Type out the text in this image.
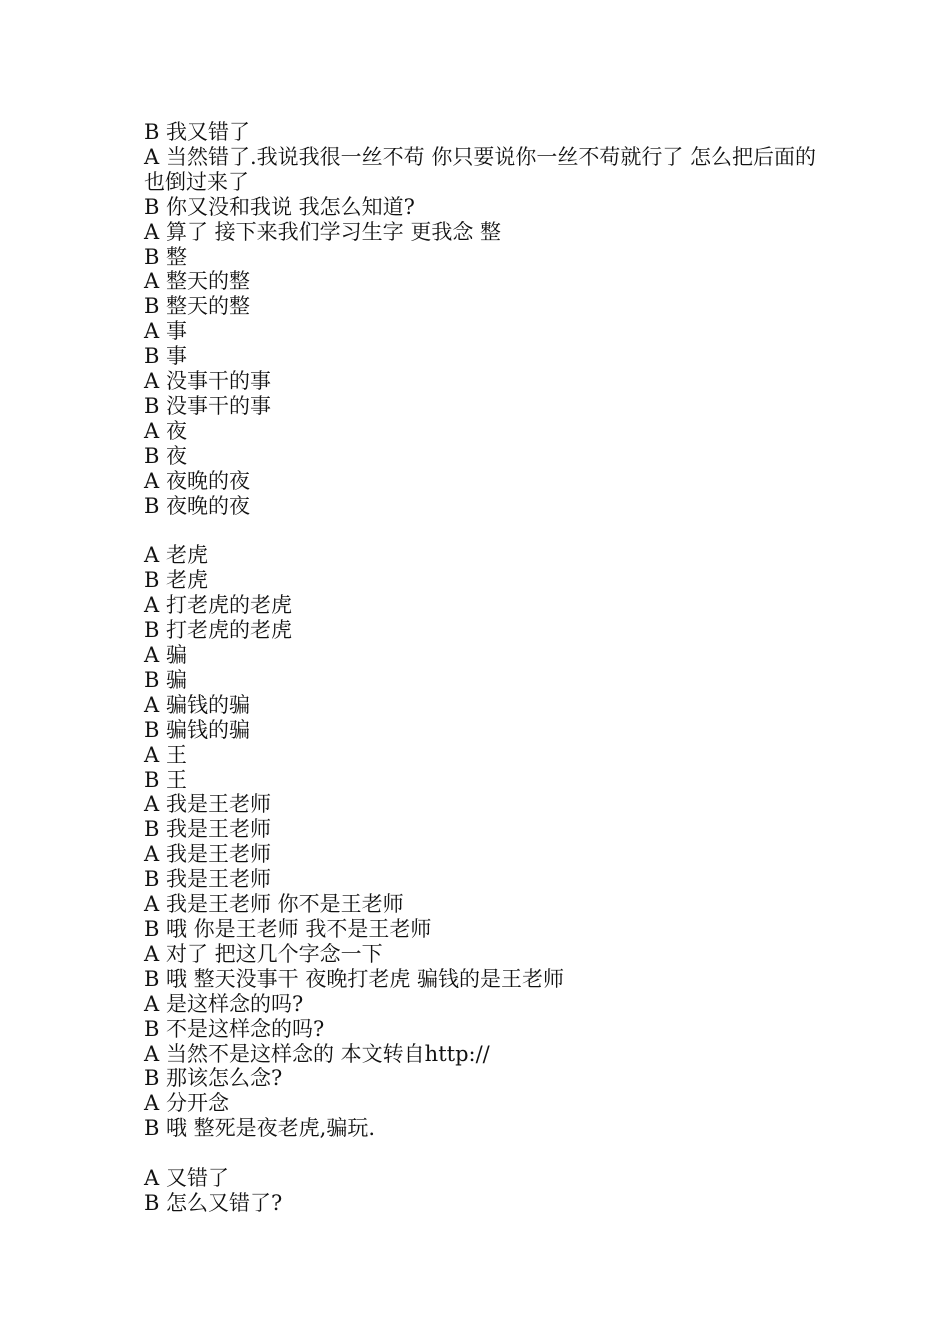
B 我又错了
A 当然错了.我说我很一丝不苟 你只要说你一丝不苟就行了 怎么把后面的也倒过来了
B 你又没和我说 我怎么知道?
A 算了 接下来我们学习生字 更我念 整
B 整
A 整天的整
B 整天的整
A 事
B 事
A 没事干的事
B 没事干的事
A 夜
B 夜
A 夜晚的夜
B 夜晚的夜
A 老虎
B 老虎
A 打老虎的老虎
B 打老虎的老虎
A 骗
B 骗
A 骗钱的骗
B 骗钱的骗
A 王
B 王
A 我是王老师
B 我是王老师
A 我是王老师
B 我是王老师
A 我是王老师 你不是王老师
B 哦 你是王老师 我不是王老师
A 对了 把这几个字念一下
B 哦 整天没事干 夜晚打老虎 骗钱的是王老师
A 是这样念的吗?
B 不是这样念的吗?
A 当然不是这样念的 本文转自http://
B 那该怎么念?
A 分开念
B 哦 整死是夜老虎,骗玩.
A 又错了
B 怎么又错了?
